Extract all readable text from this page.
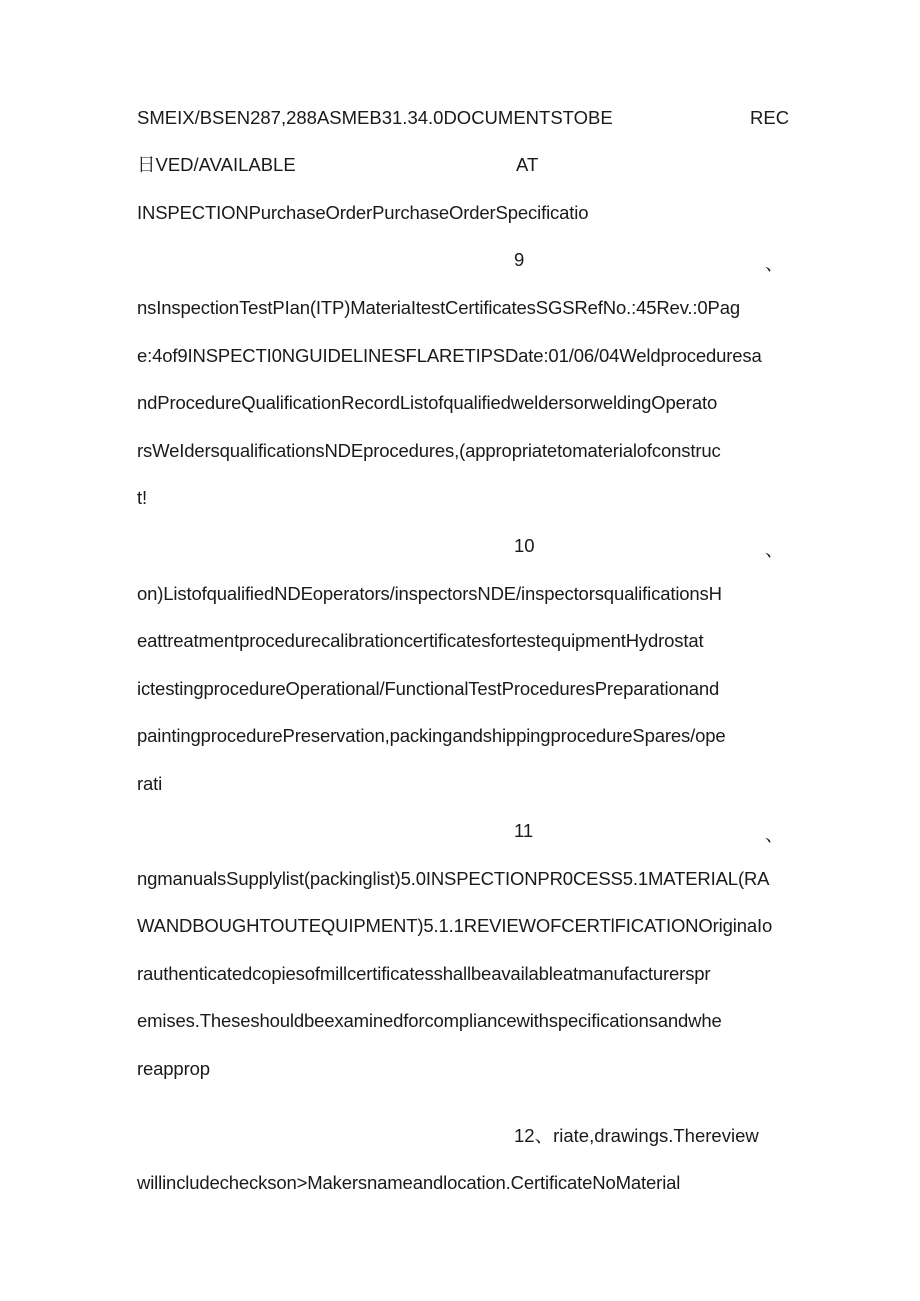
SMEIX/BSEN287,288ASMEB31.34.0DOCUMENTSTOBE	REC
日VED/AVAILABLE	AT
INSPECTIONPurchaseOrderPurchaseOrderSpecificatio
9	、
nsInspectionTestPIan(ITP)MateriaItestCertificatesSGSRefNo.:45Rev.:0Pag
e:4of9INSPECTI0NGUIDELINESFLARETIPSDate:01/06/04Weldproceduresa
ndProcedureQualificationRecordListofqualifiedweldersorweldingOperato
rsWeIdersqualificationsNDEprocedures,(appropriatetomaterialofconstruc
t!
10	、
on)ListofqualifiedNDEoperators/inspectorsNDE/inspectorsqualificationsH
eattreatmentprocedurecalibrationcertificatesfortestequipmentHydrostat
ictestingprocedureOperational/FunctionalTestProceduresPreparationand
paintingprocedurePreservation,packingandshippingprocedureSpares/ope
rati
11	、
ngmanualsSupplylist(packinglist)5.0INSPECTIONPR0CESS5.1MATERIAL(RA
WANDBOUGHTOUTEQUIPMENT)5.1.1REVIEWOFCERTlFICATIONOriginaIo
rauthenticatedcopiesofmillcertificatesshallbeavailableatmanufacturerspr
emises.Theseshouldbeexaminedforcompliancewithspecificationsandwhe
reapprop
12、riate,drawings.Thereview
willincludecheckson>Makersnameandlocation.CertificateNoMaterial
